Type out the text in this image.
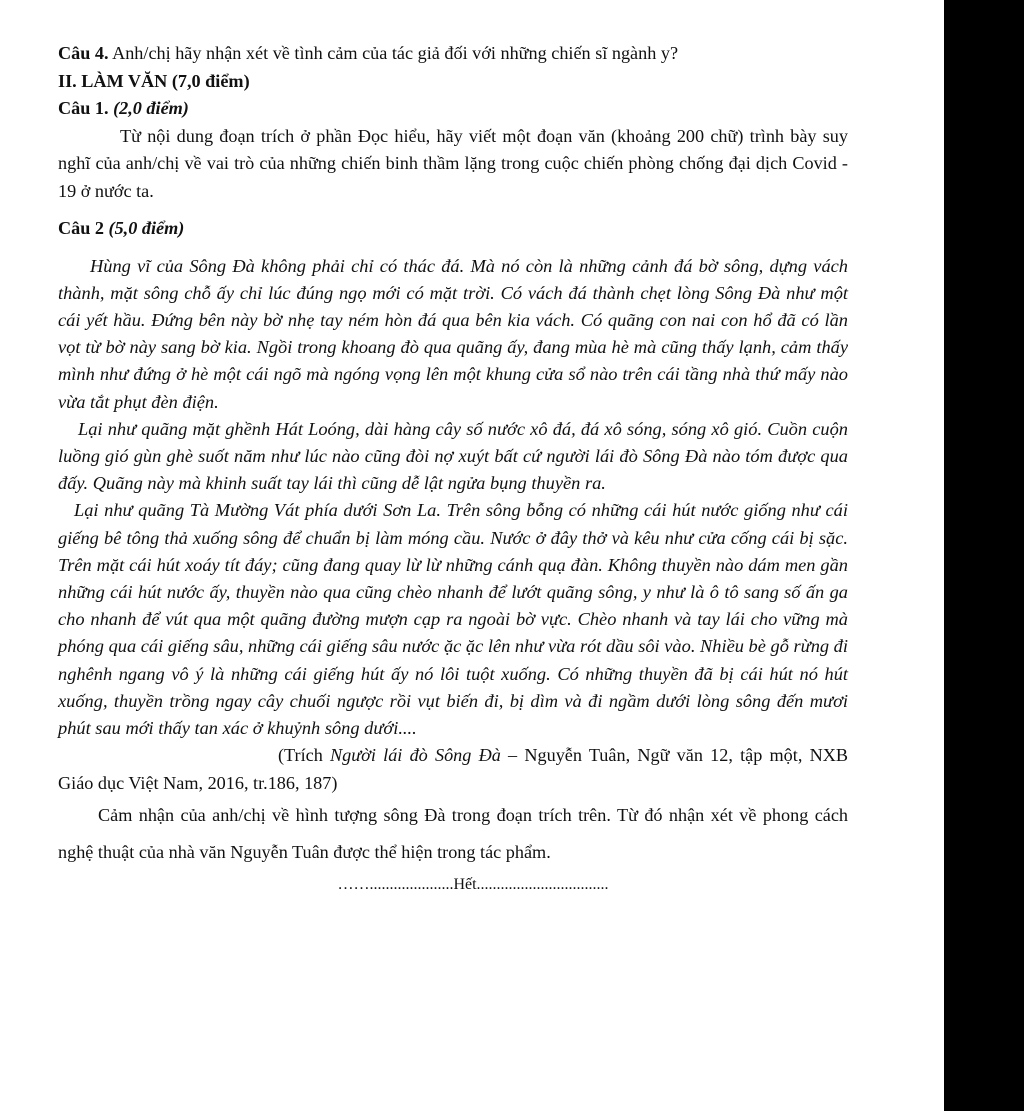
Câu 4. Anh/chị hãy nhận xét về tình cảm của tác giả đối với những chiến sĩ ngành y?

II. LÀM VĂN (7,0 điểm)

Câu 1. (2,0 điểm)

Từ nội dung đoạn trích ở phần Đọc hiểu, hãy viết một đoạn văn (khoảng 200 chữ) trình bày suy nghĩ của anh/chị về vai trò của những chiến binh thầm lặng trong cuộc chiến phòng chống đại dịch Covid - 19 ở nước ta.

Câu 2 (5,0 điểm)

Hùng vĩ của Sông Đà không phải chỉ có thác đá. Mà nó còn là những cảnh đá bờ sông, dựng vách thành, mặt sông chỗ ấy chỉ lúc đúng ngọ mới có mặt trời. Có vách đá thành chẹt lòng Sông Đà như một cái yết hầu. Đứng bên này bờ nhẹ tay ném hòn đá qua bên kia vách. Có quãng con nai con hổ đã có lần vọt từ bờ này sang bờ kia. Ngồi trong khoang đò qua quãng ấy, đang mùa hè mà cũng thấy lạnh, cảm thấy mình như đứng ở hè một cái ngõ mà ngóng vọng lên một khung cửa sổ nào trên cái tầng nhà thứ mấy nào vừa tắt phụt đèn điện.

Lại như quãng mặt ghềnh Hát Loóng, dài hàng cây số nước xô đá, đá xô sóng, sóng xô gió. Cuồn cuộn luồng gió gùn ghè suốt năm như lúc nào cũng đòi nợ xuýt bất cứ người lái đò Sông Đà nào tóm được qua đấy. Quãng này mà khinh suất tay lái thì cũng dễ lật ngửa bụng thuyền ra.

Lại như quãng Tà Mường Vát phía dưới Sơn La. Trên sông bỗng có những cái hút nước giống như cái giếng bê tông thả xuống sông để chuẩn bị làm móng cầu. Nước ở đây thở và kêu như cửa cống cái bị sặc. Trên mặt cái hút xoáy tít đáy; cũng đang quay lừ lừ những cánh quạ đàn. Không thuyền nào dám men gần những cái hút nước ấy, thuyền nào qua cũng chèo nhanh để lướt quãng sông, y như là ô tô sang số ấn ga cho nhanh để vút qua một quãng đường mượn cạp ra ngoài bờ vực. Chèo nhanh và tay lái cho vững mà phóng qua cái giếng sâu, những cái giếng sâu nước ặc ặc lên như vừa rót dầu sôi vào. Nhiều bè gỗ rừng đi nghênh ngang vô ý là những cái giếng hút ấy nó lôi tuột xuống. Có những thuyền đã bị cái hút nó hút xuống, thuyền trồng ngay cây chuối ngược rồi vụt biến đi, bị dìm và đi ngầm dưới lòng sông đến mươi phút sau mới thấy tan xác ở khuỷnh sông dưới....

(Trích Người lái đò Sông Đà – Nguyễn Tuân, Ngữ văn 12, tập một, NXB Giáo dục Việt Nam, 2016, tr.186, 187)

Cảm nhận của anh/chị về hình tượng sông Đà trong đoạn trích trên. Từ đó nhận xét về phong cách nghệ thuật của nhà văn Nguyễn Tuân được thể hiện trong tác phẩm.

…….....................Hết.................................
